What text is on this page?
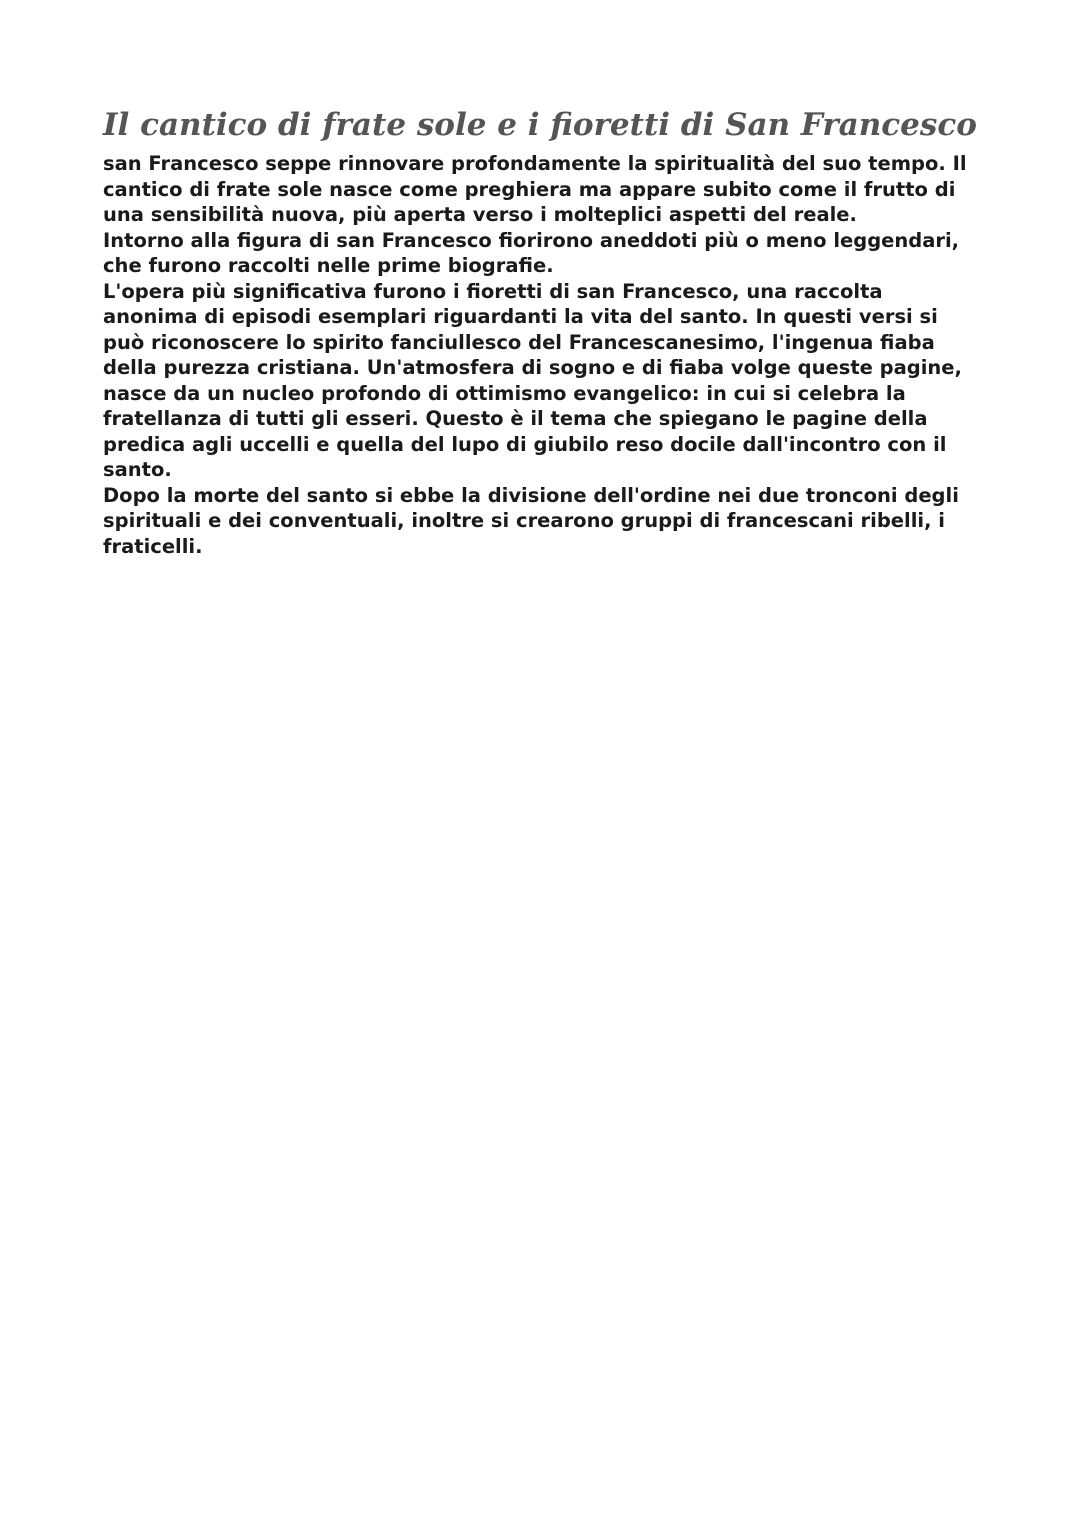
Il cantico di frate sole e i fioretti di San Francesco

san Francesco seppe rinnovare profondamente la spiritualità del suo tempo. Il cantico di frate sole nasce come preghiera ma appare subito come il frutto di una sensibilità nuova, più aperta verso i molteplici aspetti del reale.

Intorno alla figura di san Francesco fiorirono aneddoti più o meno leggendari, che furono raccolti nelle prime biografie.

L'opera più significativa furono i fioretti di san Francesco, una raccolta anonima di episodi esemplari riguardanti la vita del santo. In questi versi si può riconoscere lo spirito fanciullesco del Francescanesimo, l'ingenua fiaba della purezza cristiana. Un'atmosfera di sogno e di fiaba volge queste pagine, nasce da un nucleo profondo di ottimismo evangelico: in cui si celebra la fratellanza di tutti gli esseri. Questo è il tema che spiegano le pagine della predica agli uccelli e quella del lupo di giubilo reso docile dall'incontro con il santo.

Dopo la morte del santo si ebbe la divisione dell'ordine nei due tronconi degli spirituali e dei conventuali, inoltre si crearono gruppi di francescani ribelli, i fraticelli.
